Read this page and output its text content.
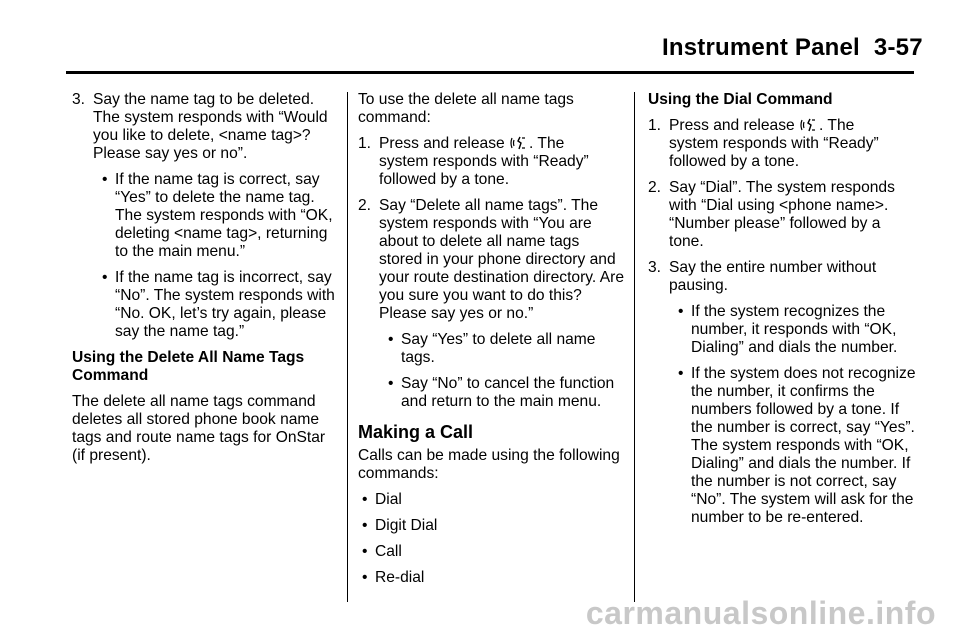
Instrument Panel 3-57
3. Say the name tag to be deleted. The system responds with “Would you like to delete, <name tag>? Please say yes or no”.
• If the name tag is correct, say “Yes” to delete the name tag. The system responds with “OK, deleting <name tag>, returning to the main menu.”
• If the name tag is incorrect, say “No”. The system responds with “No. OK, let’s try again, please say the name tag.”
Using the Delete All Name Tags Command
The delete all name tags command deletes all stored phone book name tags and route name tags for OnStar (if present).
To use the delete all name tags command:
1. Press and release . The
system responds with “Ready” followed by a tone.
2. Say “Delete all name tags”. The system responds with “You are about to delete all name tags stored in your phone directory and your route destination directory. Are you sure you want to do this? Please say yes or no.”
• Say “Yes” to delete all name tags.
• Say “No” to cancel the function and return to the main menu.
Making a Call
Calls can be made using the following commands:
• Dial
• Digit Dial
• Call
• Re-dial
Using the Dial Command
1. Press and release . The
system responds with “Ready” followed by a tone.
2. Say “Dial”. The system responds with “Dial using <phone name>. “Number please” followed by a tone.
3. Say the entire number without pausing.
• If the system recognizes the number, it responds with “OK, Dialing” and dials the number.
• If the system does not recognize the number, it confirms the numbers followed by a tone. If the number is correct, say “Yes”. The system responds with “OK, Dialing” and dials the number. If the number is not correct, say “No”. The system will ask for the number to be re-entered.
carmanualsonline.info
